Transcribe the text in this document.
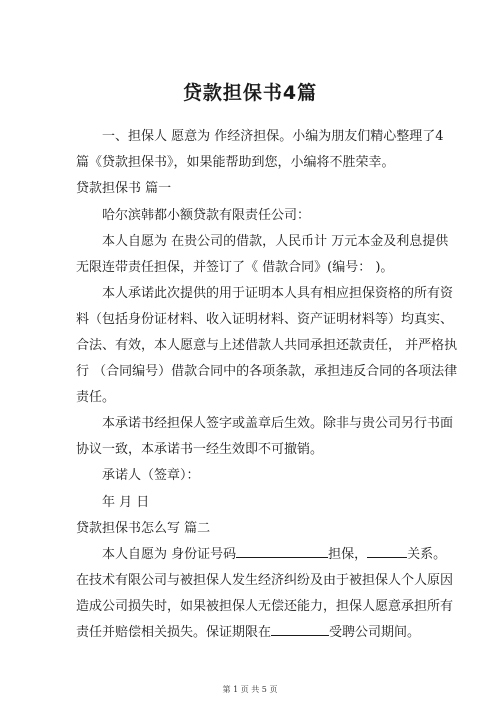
贷款担保书4篇
　　一、担保人 愿意为 作经济担保。小编为朋友们精心整理了4
篇《贷款担保书》，如果能帮助到您，小编将不胜荣幸。
贷款担保书 篇一
　　哈尔滨韩都小额贷款有限责任公司：
　　本人自愿为 在贵公司的借款，人民币计 万元本金及利息提供
无限连带责任担保，并签订了《 借款合同》(编号： )。
　　本人承诺此次提供的用于证明本人具有相应担保资格的所有资
料（包括身份证材料、收入证明材料、资产证明材料等）均真实、
合法、有效，本人愿意与上述借款人共同承担还款责任， 并严格执
行 （合同编号）借款合同中的各项条款，承担违反合同的各项法律
责任。
　　本承诺书经担保人签字或盖章后生效。除非与贵公司另行书面
协议一致，本承诺书一经生效即不可撤销。
　　承诺人（签章）：
　　年 月 日
贷款担保书怎么写 篇二
　　本人自愿为 身份证号码	担保，	关系。
在技术有限公司与被担保人发生经济纠纷及由于被担保人个人原因
造成公司损失时，如果被担保人无偿还能力，担保人愿意承担所有
责任并赔偿相关损失。保证期限在	受聘公司期间。
第 1 页 共 5 页
